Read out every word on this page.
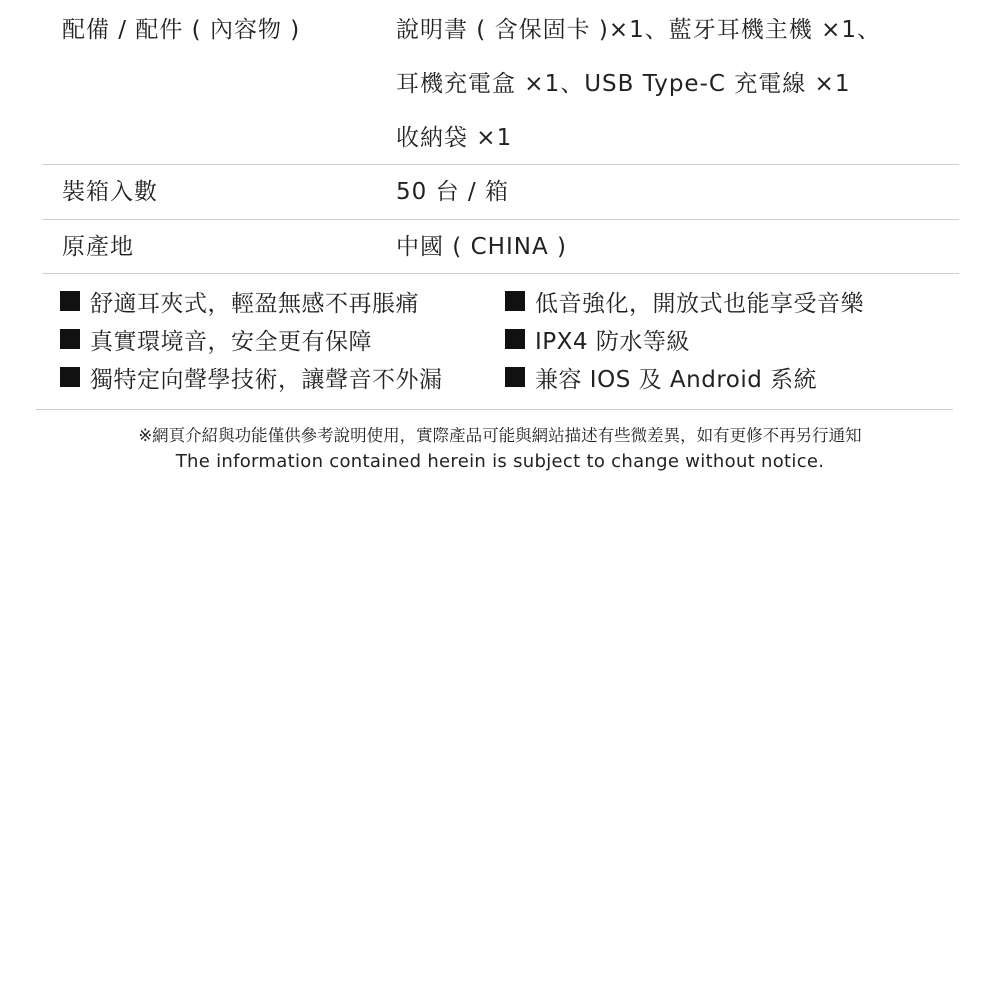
配備 / 配件 ( 內容物 )	說明書 ( 含保固卡 )×1、藍牙耳機主機 ×1、
耳機充電盒 ×1、USB Type-C 充電線 ×1
收納袋 ×1
裝箱入數	50 台 / 箱
原產地	中國 ( CHINA )
舒適耳夾式，輕盈無感不再脹痛
真實環境音，安全更有保障
獨特定向聲學技術，讓聲音不外漏
低音強化，開放式也能享受音樂
IPX4 防水等級
兼容 IOS 及 Android 系統
※網頁介紹與功能僅供參考說明使用，實際產品可能與網站描述有些微差異，如有更修不再另行通知
The information contained herein is subject to change without notice.
